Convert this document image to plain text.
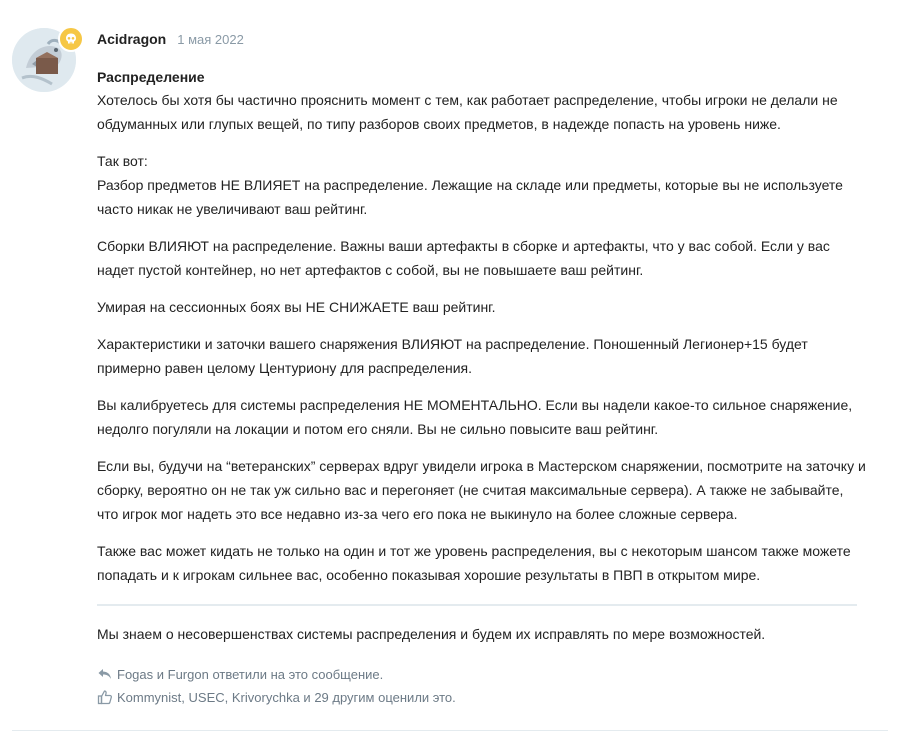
Acidragon 1 мая 2022
Распределение

Хотелось бы хотя бы частично прояснить момент с тем, как работает распределение, чтобы игроки не делали не обдуманных или глупых вещей, по типу разборов своих предметов, в надежде попасть на уровень ниже.

Так вот:
Разбор предметов НЕ ВЛИЯЕТ на распределение. Лежащие на складе или предметы, которые вы не используете часто никак не увеличивают ваш рейтинг.

Сборки ВЛИЯЮТ на распределение. Важны ваши артефакты в сборке и артефакты, что у вас собой. Если у вас надет пустой контейнер, но нет артефактов с собой, вы не повышаете ваш рейтинг.

Умирая на сессионных боях вы НЕ СНИЖАЕТЕ ваш рейтинг.

Характеристики и заточки вашего снаряжения ВЛИЯЮТ на распределение. Поношенный Легионер+15 будет примерно равен целому Центуриону для распределения.

Вы калибруетесь для системы распределения НЕ МОМЕНТАЛЬНО. Если вы надели какое-то сильное снаряжение, недолго погуляли на локации и потом его сняли. Вы не сильно повысите ваш рейтинг.

Если вы, будучи на “ветеранских” серверах вдруг увидели игрока в Мастерском снаряжении, посмотрите на заточку и сборку, вероятно он не так уж сильно вас и перегоняет (не считая максимальные сервера). А также не забывайте, что игрок мог надеть это все недавно из-за чего его пока не выкинуло на более сложные сервера.

Также вас может кидать не только на один и тот же уровень распределения, вы с некоторым шансом также можете попадать и к игрокам сильнее вас, особенно показывая хорошие результаты в ПВП в открытом мире.

Мы знаем о несовершенствах системы распределения и будем их исправлять по мере возможностей.
Fogas и Furgon ответили на это сообщение.
Kommynist , USEC , Krivorychka и 29 другим оценили это.
